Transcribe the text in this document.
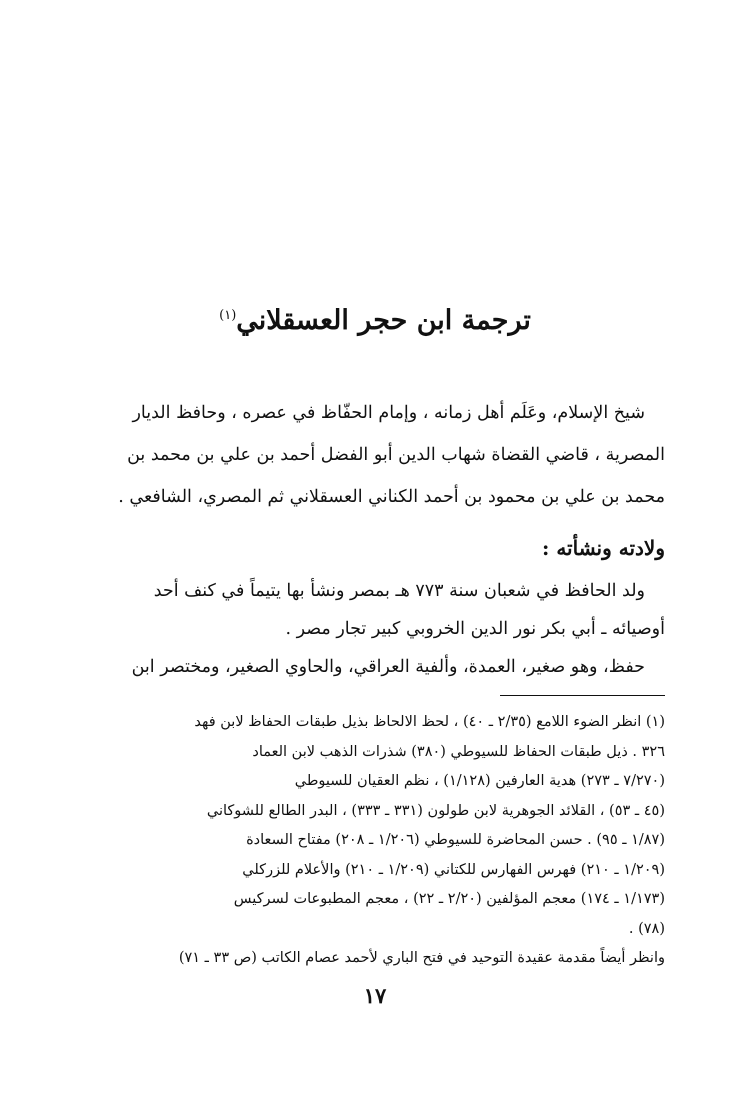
ترجمة ابن حجر العسقلاني$^{(١)}$

شيخ الإسلام، وعَلَم أهل زمانه ، وإمام الحفّاظ في عصره ، وحافظ الديار

المصرية ، قاضي القضاة شهاب الدين أبو الفضل أحمد بن علي بن محمد بن

محمد بن علي بن محمود بن أحمد الكناني العسقلاني ثم المصري، الشافعي .

ولادته ونشأته :

ولد الحافظ في شعبان سنة ٧٧٣ هـ بمصر ونشأ بها يتيماً في كنف أحد

أوصيائه ـ أبي بكر نور الدين الخروبي كبير تجار مصر .

حفظ، وهو صغير، العمدة، وألفية العراقي، والحاوي الصغير، ومختصر ابن

(١) انظر الضوء اللامع (٢/٣٥ ـ ٤٠) ، لحظ الالحاظ بذيل طبقات الحفاظ لابن فهد

٣٢٦ . ذيل طبقات الحفاظ للسيوطي (٣٨٠) شذرات الذهب لابن العماد

(٧/٢٧٠ ـ ٢٧٣) هدية العارفين (١/١٢٨) ، نظم العقيان للسيوطي

(٤٥ ـ ٥٣) ، القلائد الجوهرية لابن طولون (٣٣١ ـ ٣٣٣) ، البدر الطالع للشوكاني

(١/٨٧ ـ ٩٥) . حسن المحاضرة للسيوطي (١/٢٠٦ ـ ٢٠٨) مفتاح السعادة

(١/٢٠٩ ـ ٢١٠) فهرس الفهارس للكتاني (١/٢٠٩ ـ ٢١٠) والأعلام للزركلي

(١/١٧٣ ـ ١٧٤) معجم المؤلفين (٢/٢٠ ـ ٢٢) ، معجم المطبوعات لسركيس

(٧٨) .

وانظر أيضاً مقدمة عقيدة التوحيد في فتح الباري لأحمد عصام الكاتب (ص ٣٣ ـ ٧١)

١٧
